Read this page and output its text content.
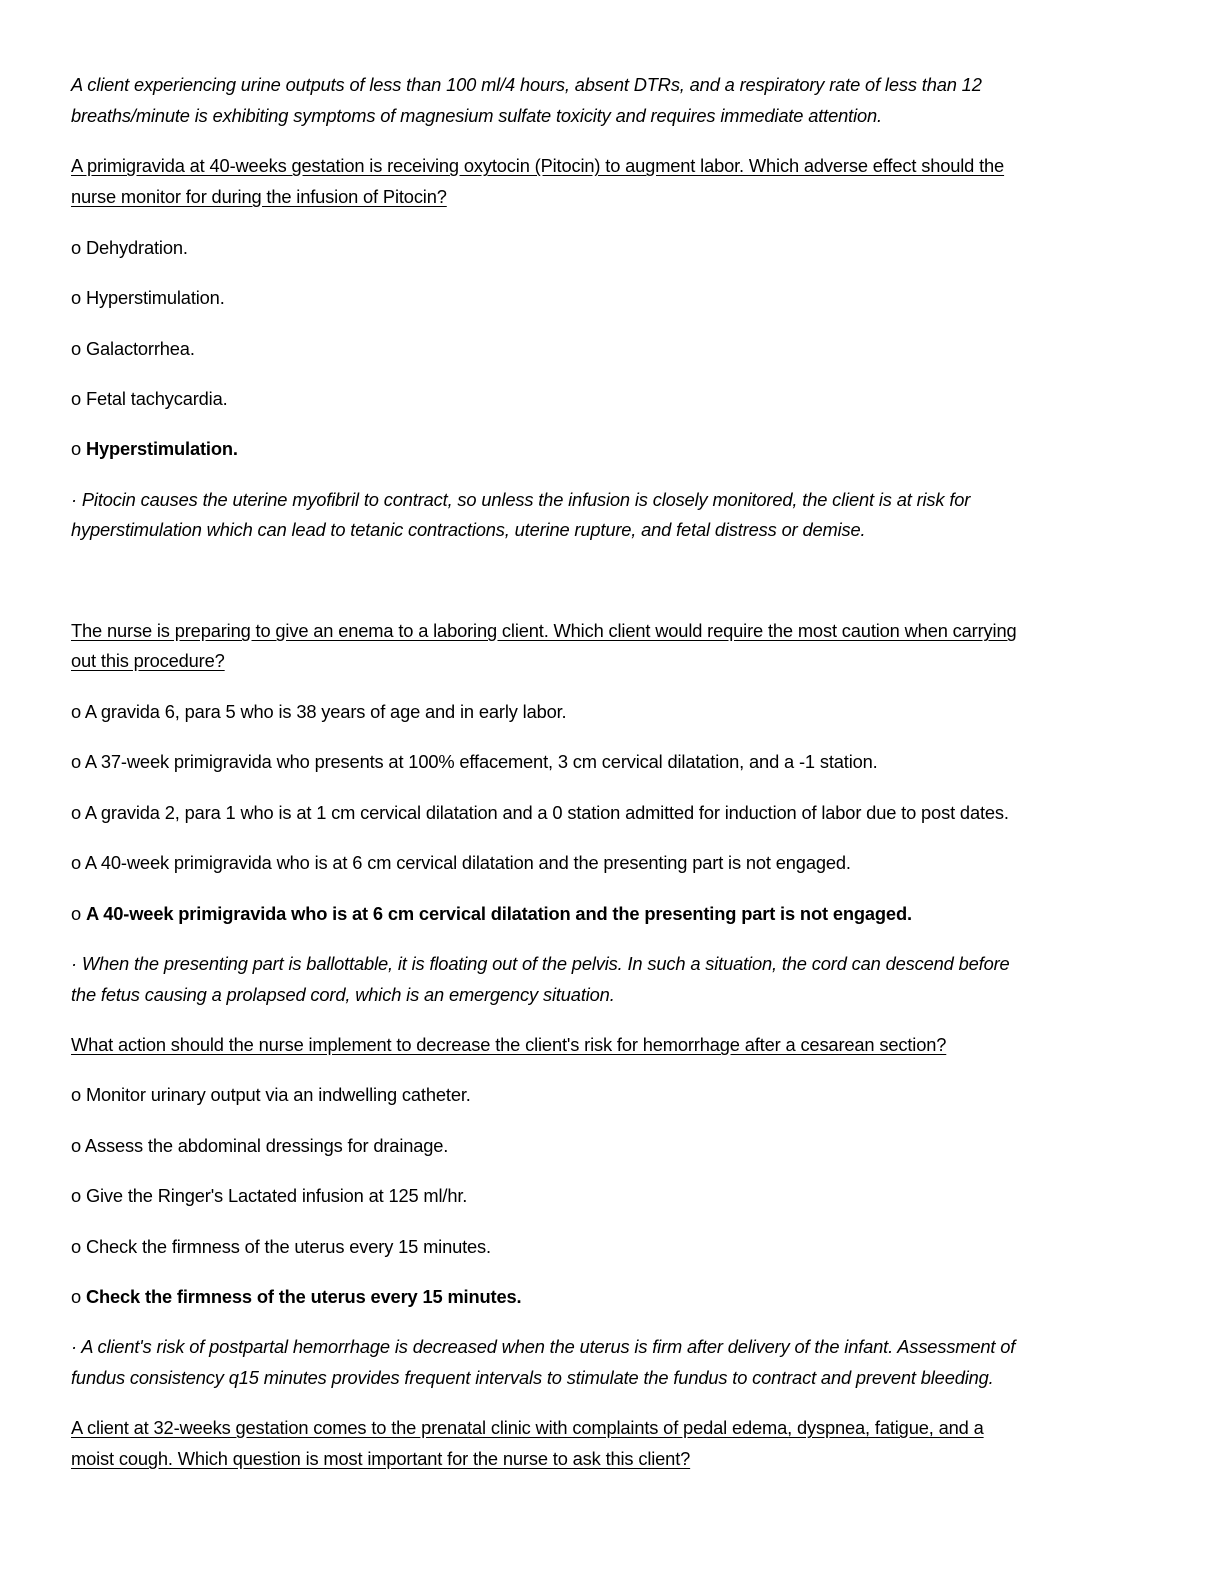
A client experiencing urine outputs of less than 100 ml/4 hours, absent DTRs, and a respiratory rate of less than 12
breaths/minute is exhibiting symptoms of magnesium sulfate toxicity and requires immediate attention.
A primigravida at 40-weeks gestation is receiving oxytocin (Pitocin) to augment labor. Which adverse effect should the
nurse monitor for during the infusion of Pitocin?
o Dehydration.
o Hyperstimulation.
o Galactorrhea.
o Fetal tachycardia.
o Hyperstimulation.
· Pitocin causes the uterine myofibril to contract, so unless the infusion is closely monitored, the client is at risk for
hyperstimulation which can lead to tetanic contractions, uterine rupture, and fetal distress or demise.
The nurse is preparing to give an enema to a laboring client. Which client would require the most caution when carrying
out this procedure?
o A gravida 6, para 5 who is 38 years of age and in early labor.
o A 37-week primigravida who presents at 100% effacement, 3 cm cervical dilatation, and a -1 station.
o A gravida 2, para 1 who is at 1 cm cervical dilatation and a 0 station admitted for induction of labor due to post dates.
o A 40-week primigravida who is at 6 cm cervical dilatation and the presenting part is not engaged.
o A 40-week primigravida who is at 6 cm cervical dilatation and the presenting part is not engaged.
· When the presenting part is ballottable, it is floating out of the pelvis. In such a situation, the cord can descend before
the fetus causing a prolapsed cord, which is an emergency situation.
What action should the nurse implement to decrease the client's risk for hemorrhage after a cesarean section?
o Monitor urinary output via an indwelling catheter.
o Assess the abdominal dressings for drainage.
o Give the Ringer's Lactated infusion at 125 ml/hr.
o Check the firmness of the uterus every 15 minutes.
o Check the firmness of the uterus every 15 minutes.
· A client's risk of postpartal hemorrhage is decreased when the uterus is firm after delivery of the infant. Assessment of
fundus consistency q15 minutes provides frequent intervals to stimulate the fundus to contract and prevent bleeding.
A client at 32-weeks gestation comes to the prenatal clinic with complaints of pedal edema, dyspnea, fatigue, and a
moist cough. Which question is most important for the nurse to ask this client?
